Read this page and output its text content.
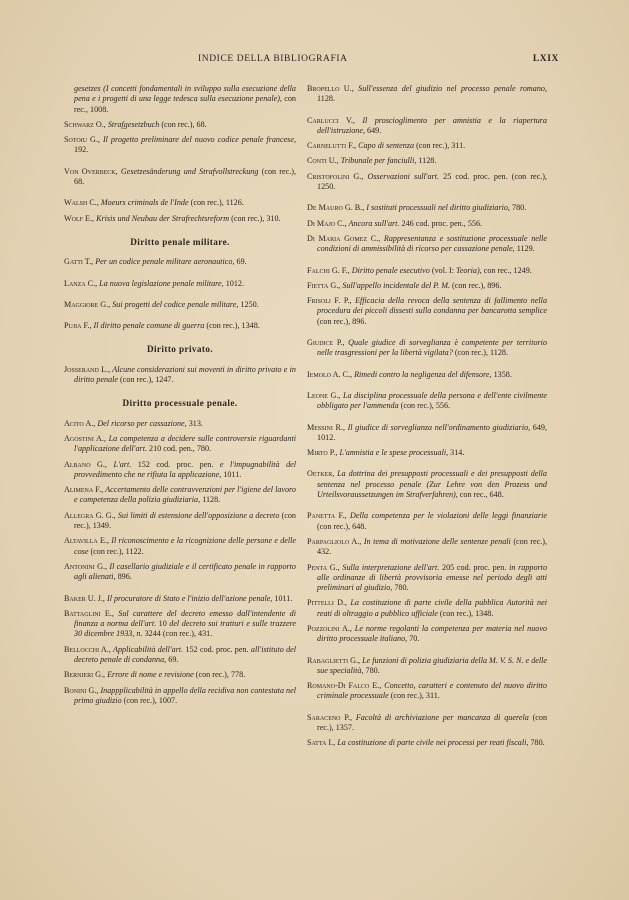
INDICE DELLA BIBLIOGRAFIA	LXIX
gesetzes (I concetti fondamentali in sviluppo sulla esecuzione della pena e i progetti di una legge tedesca sulla esecuzione penale), con rec., 1008.
Schwarz O., Strafgesetzbuch (con rec.), 68.
Sotoiu G., Il progetto preliminare del nuovo codice penale francese, 192.
Von Overbeck, Gesetzesänderung und Strafvollstreckung (con rec.), 68.
Walsh C., Moeurs criminals de l'Inde (con rec.), 1126.
Wolf E., Krisis und Neubau der Strafrechtsreform (con rec.), 310.
Diritto penale militare.
Gatti T., Per un codice penale militare aeronautico, 69.
Lanza C., La nuova legislazione penale militare, 1012.
Maggiore G., Sui progetti del codice penale militare, 1250.
Pujia F., Il diritto penale comune di guerra (con rec.), 1348.
Diritto privato.
Josserand L., Alcune considerazioni sui moventi in diritto privato e in diritto penale (con rec.), 1247.
Diritto processuale penale.
Acito A., Del ricorso per cassazione, 313.
Agostini A., La competenza a decidere sulle controversie riguardanti l'applicazione dell'art. 210 cod. pen., 780.
Albano G., L'art. 152 cod. proc. pen. e l'impugnabilità del provvedimento che ne rifiuta la applicazione, 1011.
Alimena F., Accertamento delle contravvenzioni per l'igiene del lavoro e competenza della polizia giudiziaria, 1128.
Allegra G. G., Sui limiti di estensione dell'opposizione a decreto (con rec.), 1349.
Altavilla E., Il riconoscimento e la ricognizione delle persone e delle cose (con rec.), 1122.
Antonini G., Il casellario giudiziale e il certificato penale in rapporto agli alienati, 896.
Baker U. J., Il procuratore di Stato e l'inizio dell'azione penale, 1011.
Battaglini E., Sul carattere del decreto emesso dall'intendente di finanza a norma dell'art. 10 del decreto sui tratturi e sulle trazzere 30 dicembre 1933, n. 3244 (con rec.), 431.
Bellocchi A., Applicabilità dell'art. 152 cod. proc. pen. all'istituto del decreto penale di condanna, 69.
Bernieri G., Errore di nome e revisione (con rec.), 778.
Bonini G., Inappplicabilità in appello della recidiva non contestata nel primo giudizio (con rec.), 1007.
Bropello U., Sull'essenza del giudizio nel processo penale romano, 1128.
Carlucci V., Il proscioglimento per amnistia e la riapertura dell'istruzione, 649.
Carnelutti F., Capo di sentenza (con rec.), 311.
Conti U., Tribunale per fanciulli, 1128.
Cristofolini G., Osservazioni sull'art. 25 cod. proc. pen. (con rec.), 1250.
De Mauro G. B., I sostituti processuali nel diritto giudiziario, 780.
Di Majo C., Ancora sull'art. 246 cod. proc. pen., 556.
Di Maria Gomez C., Rappresentanza e sostituzione processuale nelle condizioni di ammissibilità di ricorso per cassazione penale, 1129.
Falchi G. F., Diritto penale esecutivo (vol. I: Teoria), con rec., 1249.
Fietta G., Sull'appello incidentale del P. M. (con rec.), 896.
Frisoli F. P., Efficacia della revoca della sentenza di fallimento nella procedura dei piccoli dissesti sulla condanna per bancarotta semplice (con rec.), 896.
Giudice P., Quale giudice di sorveglianza è competente per territorio nelle trasgressioni per la libertà vigilata? (con rec.), 1128.
Iemolo A. C., Rimedi contro la negligenza del difensore, 1358.
Leone G., La disciplina processuale della persona e dell'ente civilmente obbligato per l'ammenda (con rec.), 556.
Messini R., Il giudice di sorveglianza nell'ordinamento giudiziario, 649, 1012.
Mirto P., L'amnistia e le spese processuali, 314.
Oetker, La dottrina dei presupposti processuali e dei presupposti della sentenza nel processo penale (Zur Lehre von den Prozess und Urteilsvoraussetzungen im Strafverfahren), con rec., 648.
Panetta F., Della competenza per le violazioni delle leggi finanziarie (con rec.), 648.
Parpagliolo A., In tema di motivazione delle sentenze penali (con rec.), 432.
Penta G., Sulla interpretazione dell'art. 205 cod. proc. pen. in rapporto alle ordinanze di libertà provvisoria emesse nel periodo degli atti preliminari al giudizio, 780.
Pittelli D., La costituzione di parte civile della pubblica Autorità nei reati di oltraggio a pubblico ufficiale (con rec.), 1348.
Pozzolini A., Le norme regolanti la competenza per materia nel nuovo diritto processuale italiano, 70.
Rabaglietti G., Le funzioni di polizia giudiziaria della M. V. S. N. e delle sue specialità, 780.
Romano-Di Falco E., Concetto, caratteri e contenuto del nuovo diritto criminale processuale (con rec.), 311.
Saraceno P., Facoltà di archiviazione per mancanza di querela (con rec.), 1357.
Satta I., La costituzione di parte civile nei processi per reati fiscali, 780.
